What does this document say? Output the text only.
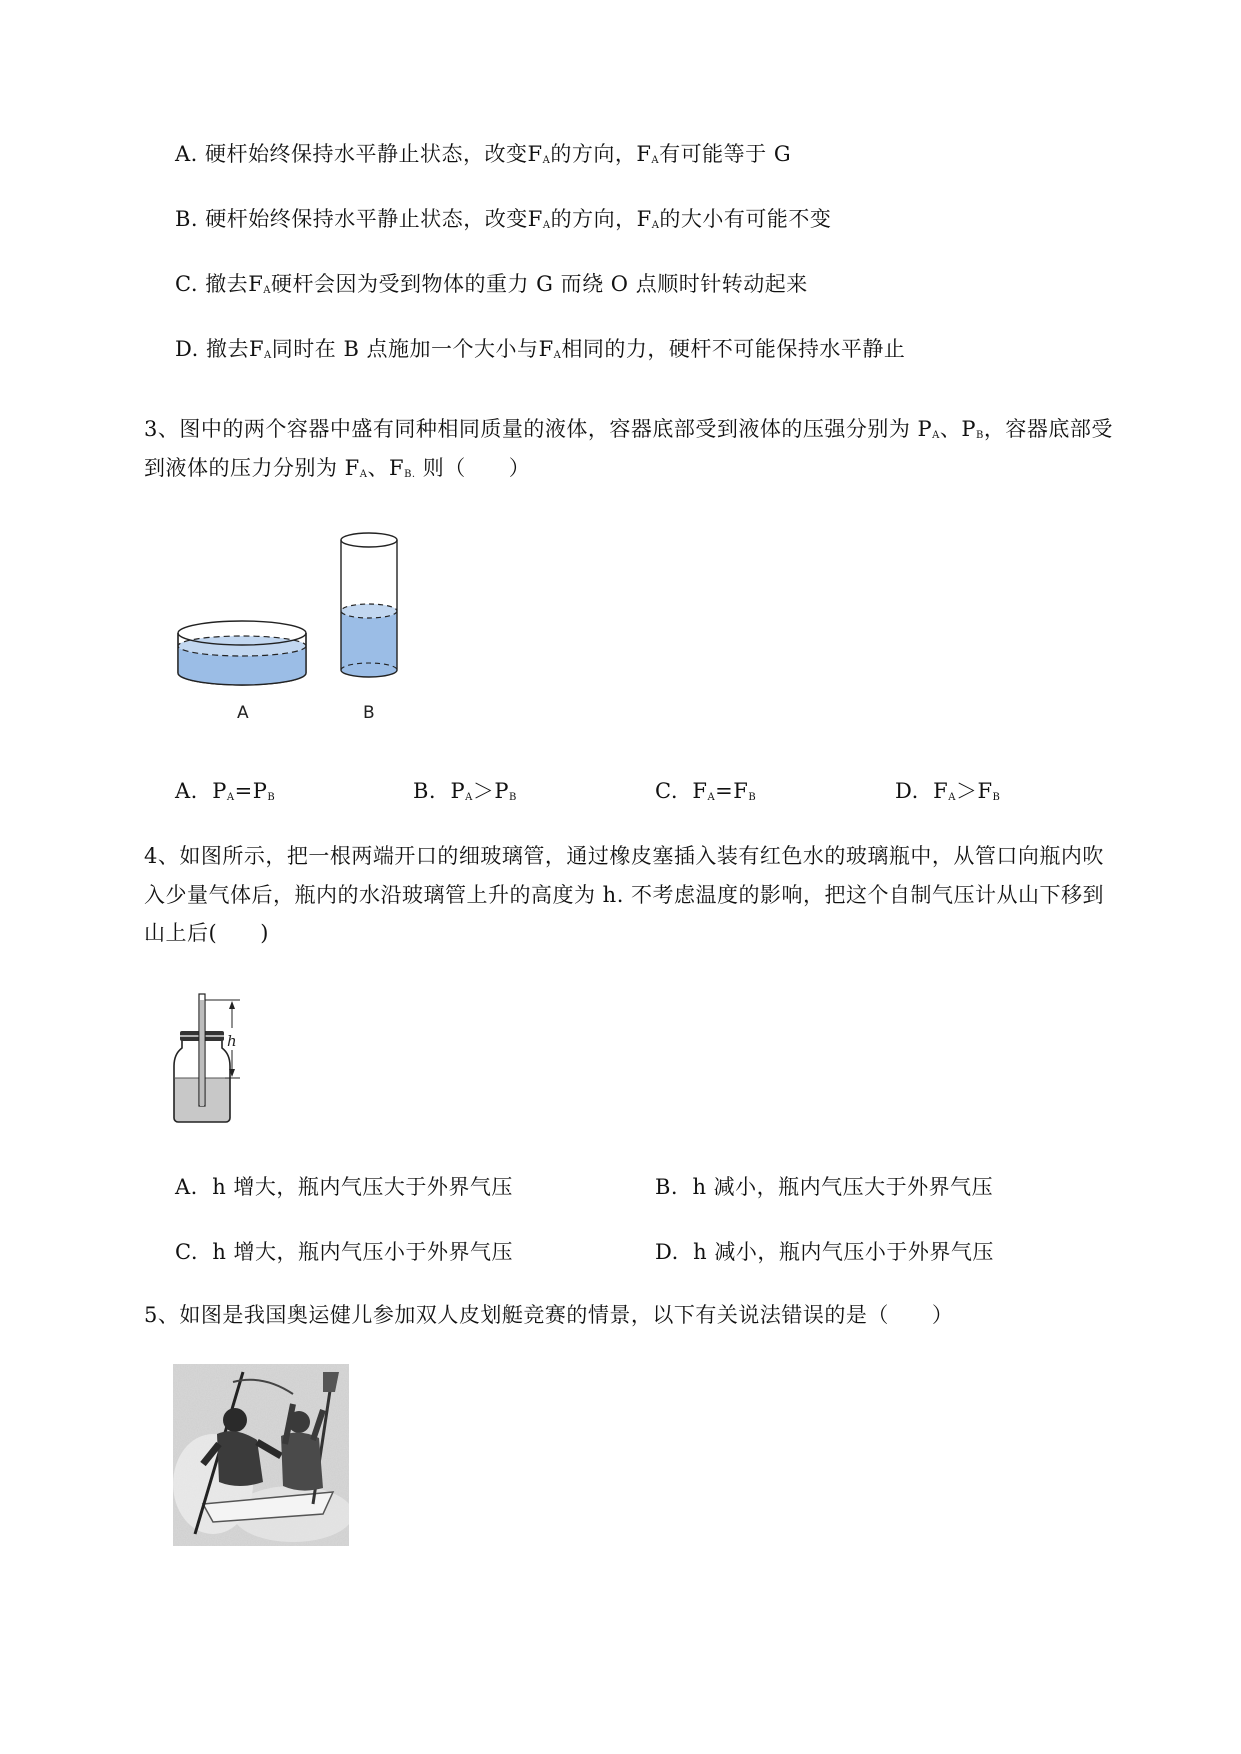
A. 硬杆始终保持水平静止状态，改变$F_A$的方向，$F_A$有可能等于 G
B. 硬杆始终保持水平静止状态，改变$F_A$的方向，$F_A$的大小有可能不变
C. 撤去$F_A$硬杆会因为受到物体的重力 G 而绕 O 点顺时针转动起来
D. 撤去$F_A$同时在 B 点施加一个大小与$F_A$相同的力，硬杆不可能保持水平静止
3、图中的两个容器中盛有同种相同质量的液体，容器底部受到液体的压强分别为 $P_A$、$P_B$，容器底部受
到液体的压力分别为 $F_A$、$F_{B.}$ 则（　　）
A	B
A. $P_A=P_B$	B. $P_A>P_B$	C. $F_A=F_B$	D. $F_A>F_B$
4、如图所示，把一根两端开口的细玻璃管，通过橡皮塞插入装有红色水的玻璃瓶中，从管口向瓶内吹
入少量气体后，瓶内的水沿玻璃管上升的高度为 h. 不考虑温度的影响，把这个自制气压计从山下移到
山上后(　　)
h
A. h 增大，瓶内气压大于外界气压	B. h 减小，瓶内气压大于外界气压
C. h 增大，瓶内气压小于外界气压	D. h 减小，瓶内气压小于外界气压
5、如图是我国奥运健儿参加双人皮划艇竞赛的情景，以下有关说法错误的是（　　）
